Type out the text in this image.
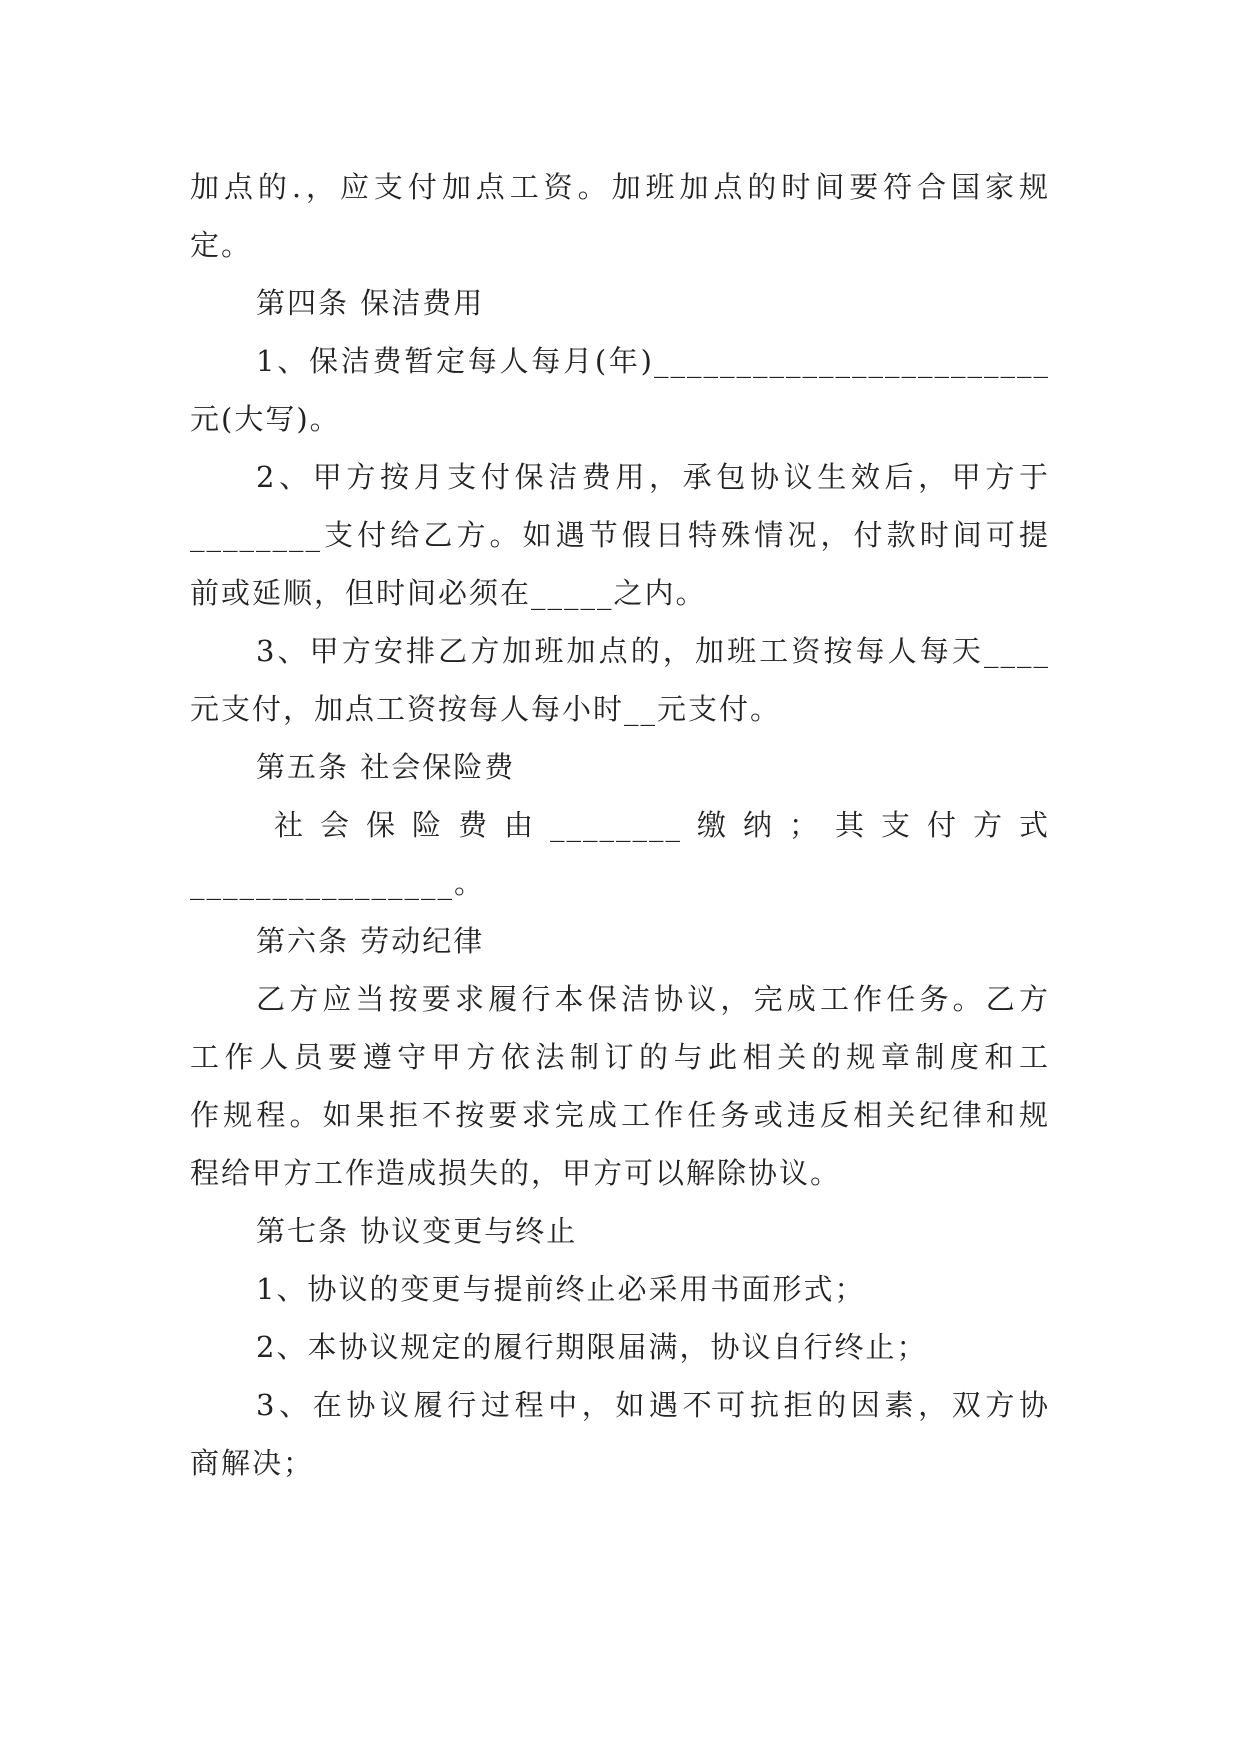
加点的.，应支付加点工资。加班加点的时间要符合国家规
定。
第四条 保洁费用
1、保洁费暂定每人每月(年)________________________
元(大写)。
2、甲方按月支付保洁费用，承包协议生效后，甲方于
________支付给乙方。如遇节假日特殊情况，付款时间可提
前或延顺，但时间必须在_____之内。
3、甲方安排乙方加班加点的，加班工资按每人每天____
元支付，加点工资按每人每小时__元支付。
第五条 社会保险费
社会保险费由________缴纳；其支付方式
________________。
第六条 劳动纪律
乙方应当按要求履行本保洁协议，完成工作任务。乙方
工作人员要遵守甲方依法制订的与此相关的规章制度和工
作规程。如果拒不按要求完成工作任务或违反相关纪律和规
程给甲方工作造成损失的，甲方可以解除协议。
第七条 协议变更与终止
1、协议的变更与提前终止必采用书面形式；
2、本协议规定的履行期限届满，协议自行终止；
3、在协议履行过程中，如遇不可抗拒的因素，双方协
商解决；
